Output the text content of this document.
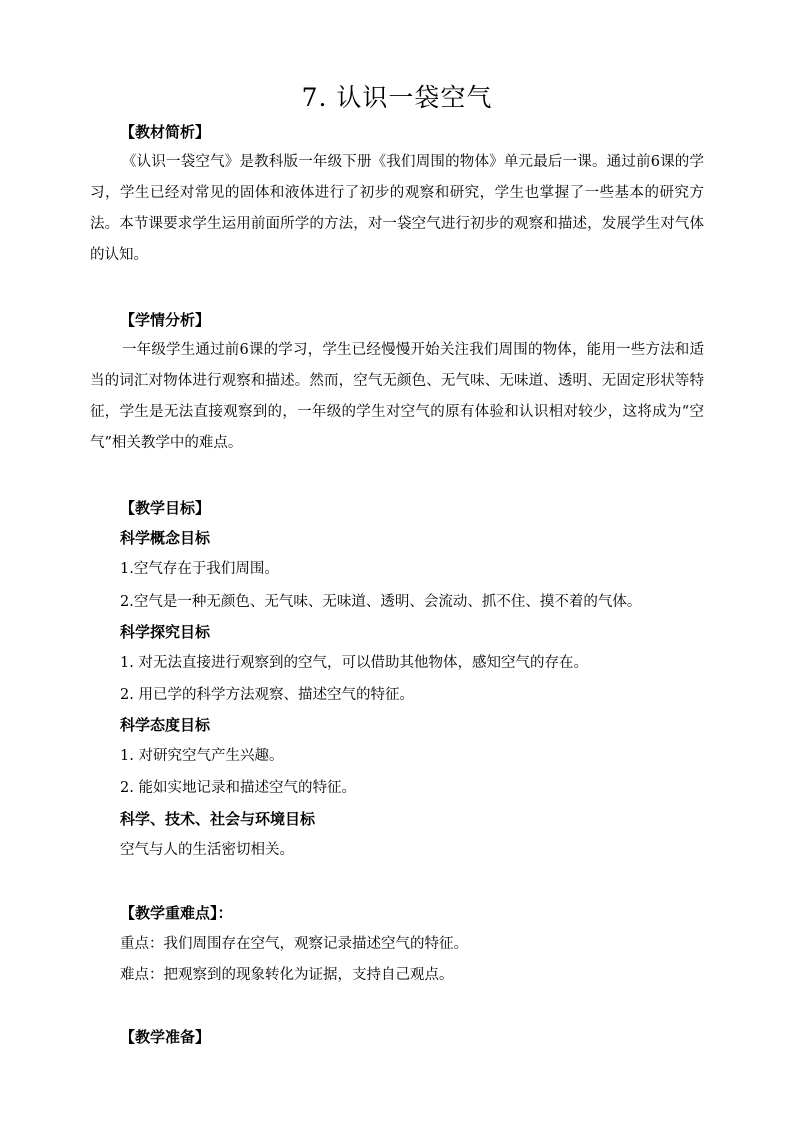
7. 认识一袋空气
【教材简析】
《认识一袋空气》是教科版一年级下册《我们周围的物体》单元最后一课。通过前6课的学习，学生已经对常见的固体和液体进行了初步的观察和研究，学生也掌握了一些基本的研究方法。本节课要求学生运用前面所学的方法，对一袋空气进行初步的观察和描述，发展学生对气体的认知。
【学情分析】
一年级学生通过前6课的学习，学生已经慢慢开始关注我们周围的物体，能用一些方法和适当的词汇对物体进行观察和描述。然而，空气无颜色、无气味、无味道、透明、无固定形状等特征，学生是无法直接观察到的，一年级的学生对空气的原有体验和认识相对较少，这将成为“空气”相关教学中的难点。
【教学目标】
科学概念目标
1.空气存在于我们周围。
2.空气是一种无颜色、无气味、无味道、透明、会流动、抓不住、摸不着的气体。
科学探究目标
1. 对无法直接进行观察到的空气，可以借助其他物体，感知空气的存在。
2. 用已学的科学方法观察、描述空气的特征。
科学态度目标
1. 对研究空气产生兴趣。
2. 能如实地记录和描述空气的特征。
科学、技术、社会与环境目标
空气与人的生活密切相关。
【教学重难点】：
重点：我们周围存在空气，观察记录描述空气的特征。
难点：把观察到的现象转化为证据，支持自己观点。
【教学准备】
